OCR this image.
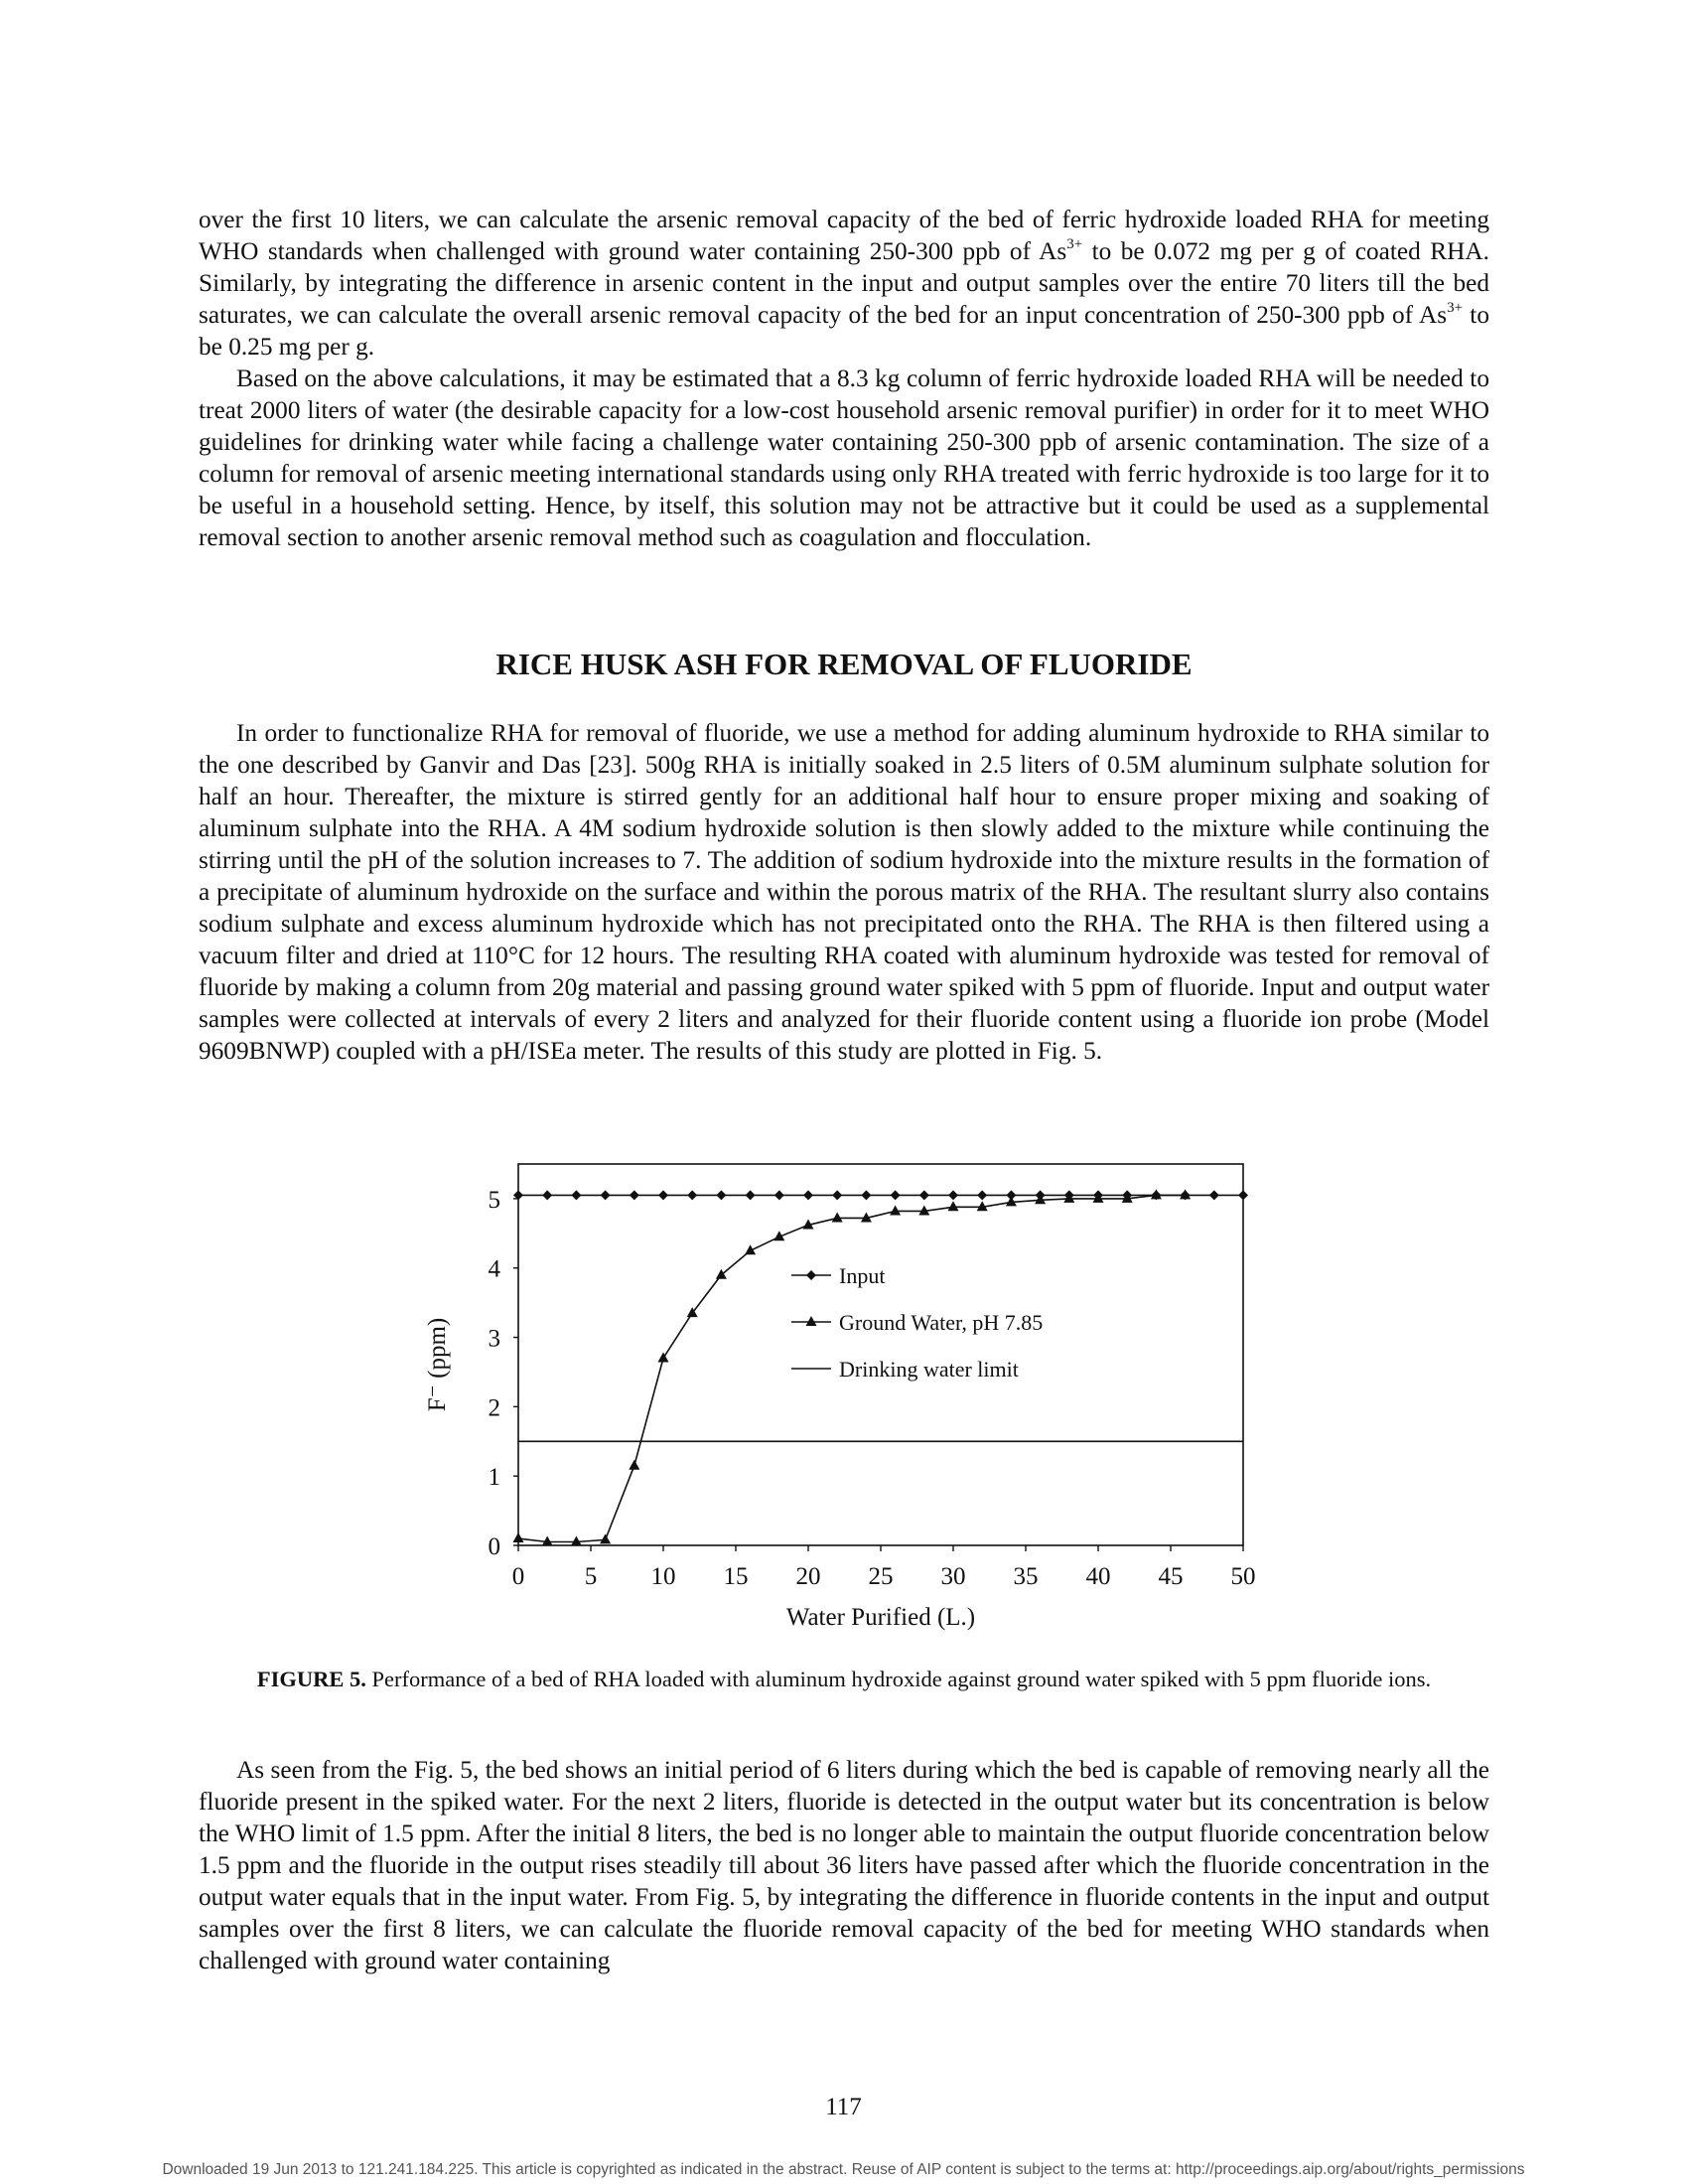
over the first 10 liters, we can calculate the arsenic removal capacity of the bed of ferric hydroxide loaded RHA for meeting WHO standards when challenged with ground water containing 250-300 ppb of $As^{3+}$ to be 0.072 mg per g of coated RHA. Similarly, by integrating the difference in arsenic content in the input and output samples over the entire 70 liters till the bed saturates, we can calculate the overall arsenic removal capacity of the bed for an input concentration of 250-300 ppb of $As^{3+}$ to be 0.25 mg per g.

Based on the above calculations, it may be estimated that a 8.3 kg column of ferric hydroxide loaded RHA will be needed to treat 2000 liters of water (the desirable capacity for a low-cost household arsenic removal purifier) in order for it to meet WHO guidelines for drinking water while facing a challenge water containing 250-300 ppb of arsenic contamination. The size of a column for removal of arsenic meeting international standards using only RHA treated with ferric hydroxide is too large for it to be useful in a household setting. Hence, by itself, this solution may not be attractive but it could be used as a supplemental removal section to another arsenic removal method such as coagulation and flocculation.

RICE HUSK ASH FOR REMOVAL OF FLUORIDE

In order to functionalize RHA for removal of fluoride, we use a method for adding aluminum hydroxide to RHA similar to the one described by Ganvir and Das [23]. 500g RHA is initially soaked in 2.5 liters of 0.5M aluminum sulphate solution for half an hour. Thereafter, the mixture is stirred gently for an additional half hour to ensure proper mixing and soaking of aluminum sulphate into the RHA. A 4M sodium hydroxide solution is then slowly added to the mixture while continuing the stirring until the pH of the solution increases to 7. The addition of sodium hydroxide into the mixture results in the formation of a precipitate of aluminum hydroxide on the surface and within the porous matrix of the RHA. The resultant slurry also contains sodium sulphate and excess aluminum hydroxide which has not precipitated onto the RHA. The RHA is then filtered using a vacuum filter and dried at 110°C for 12 hours. The resulting RHA coated with aluminum hydroxide was tested for removal of fluoride by making a column from 20g material and passing ground water spiked with 5 ppm of fluoride. Input and output water samples were collected at intervals of every 2 liters and analyzed for their fluoride content using a fluoride ion probe (Model 9609BNWP) coupled with a pH/ISEa meter. The results of this study are plotted in Fig. 5.

0
1
2
3
4
5
0 5 10 15 20 25 30 35 40 45 50
Water Purified (L.)
F⁻ (ppm)
Input
Ground Water, pH 7.85
Drinking water limit
FIGURE 5. Performance of a bed of RHA loaded with aluminum hydroxide against ground water spiked with 5 ppm fluoride ions.

As seen from the Fig. 5, the bed shows an initial period of 6 liters during which the bed is capable of removing nearly all the fluoride present in the spiked water. For the next 2 liters, fluoride is detected in the output water but its concentration is below the WHO limit of 1.5 ppm. After the initial 8 liters, the bed is no longer able to maintain the output fluoride concentration below 1.5 ppm and the fluoride in the output rises steadily till about 36 liters have passed after which the fluoride concentration in the output water equals that in the input water. From Fig. 5, by integrating the difference in fluoride contents in the input and output samples over the first 8 liters, we can calculate the fluoride removal capacity of the bed for meeting WHO standards when challenged with ground water containing

117
Downloaded 19 Jun 2013 to 121.241.184.225. This article is copyrighted as indicated in the abstract. Reuse of AIP content is subject to the terms at: http://proceedings.aip.org/about/rights_permissions
